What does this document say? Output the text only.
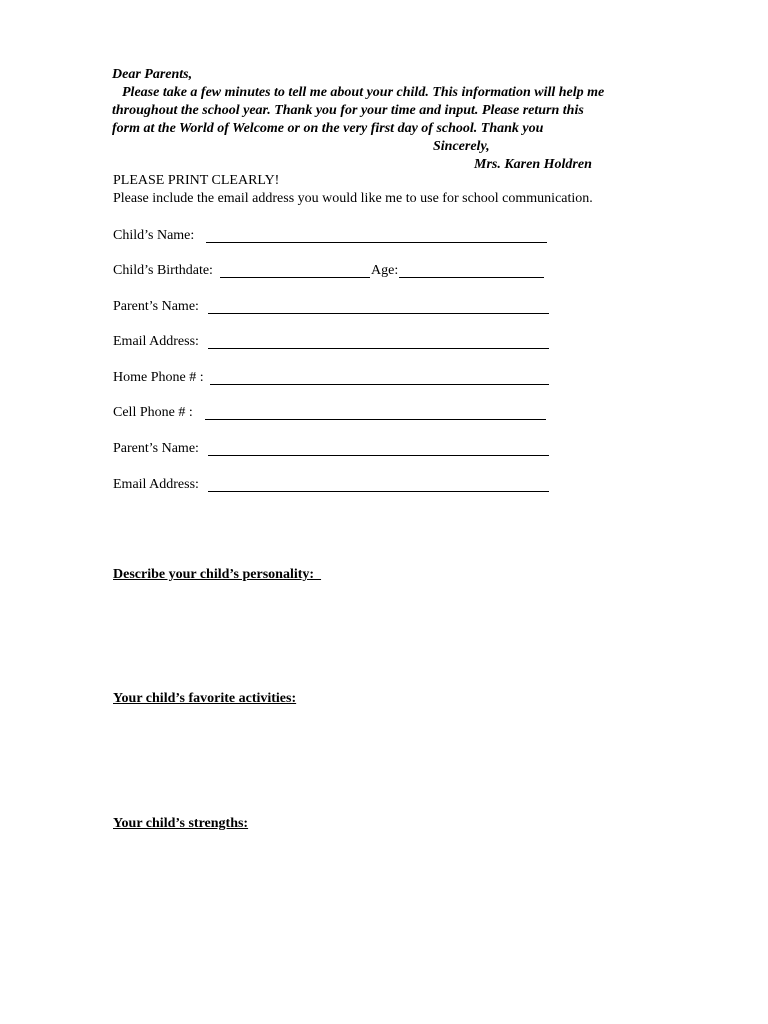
Dear Parents,

Please take a few minutes to tell me about your child. This information will help me

throughout the school year. Thank you for your time and input. Please return this

form at the World of Welcome or on the very first day of school. Thank you

Sincerely,
Mrs. Karen Holdren
PLEASE PRINT CLEARLY!
Please include the email address you would like me to use for school communication.
Child’s Name:
Child’s Birthdate:	Age:
Parent’s Name:
Email Address:
Home Phone # :
Cell Phone # :
Parent’s Name:
Email Address:
Describe your child’s personality:
Your child’s favorite activities:
Your child’s strengths:
